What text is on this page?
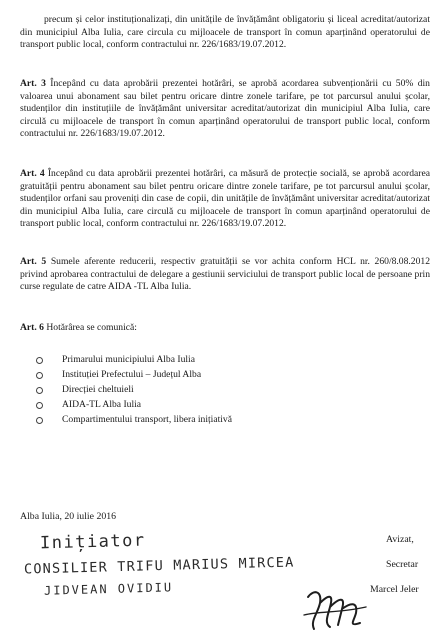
precum și celor instituționalizați, din unitățile de învățământ obligatoriu și liceal acreditat/autorizat din municipiul Alba Iulia, care circula cu mijloacele de transport în comun aparținând operatorului de transport public local, conform contractului nr. 226/1683/19.07.2012.

Art. 3 Începând cu data aprobării prezentei hotărâri, se aprobă acordarea subvenționării cu 50% din valoarea unui abonament sau bilet pentru oricare dintre zonele tarifare, pe tot parcursul anului școlar, studenților din instituțiile de învățământ universitar acreditat/autorizat din municipiul Alba Iulia, care circulă cu mijloacele de transport în comun aparținând operatorului de transport public local, conform contractului nr. 226/1683/19.07.2012.

Art. 4 Începând cu data aprobării prezentei hotărâri, ca măsură de protecție socială, se aprobă acordarea gratuității pentru abonament sau bilet pentru oricare dintre zonele tarifare, pe tot parcursul anului școlar, studenților orfani sau proveniți din case de copii, din unitățile de învățământ universitar acreditat/autorizat din municipiul Alba Iulia, care circulă cu mijloacele de transport în comun aparținând operatorului de transport public local, conform contractului nr. 226/1683/19.07.2012.

Art. 5 Sumele aferente reducerii, respectiv gratuității se vor achita conform HCL nr. 260/8.08.2012 privind aprobarea contractului de delegare a gestiunii serviciului de transport public local de persoane prin curse regulate de catre AIDA -TL Alba Iulia.

Art. 6 Hotărârea se comunică:

Primarului municipiului Alba Iulia
Instituției Prefectului – Județul Alba
Direcției cheltuieli
AIDA-TL Alba Iulia
Compartimentului transport, libera inițiativă
Alba Iulia, 20 iulie 2016
Inițiator
CONSILIER TRIFU MARIUS MIRCEA
JIDVEAN OVIDIU
Avizat,
Secretar
Marcel Jeler
